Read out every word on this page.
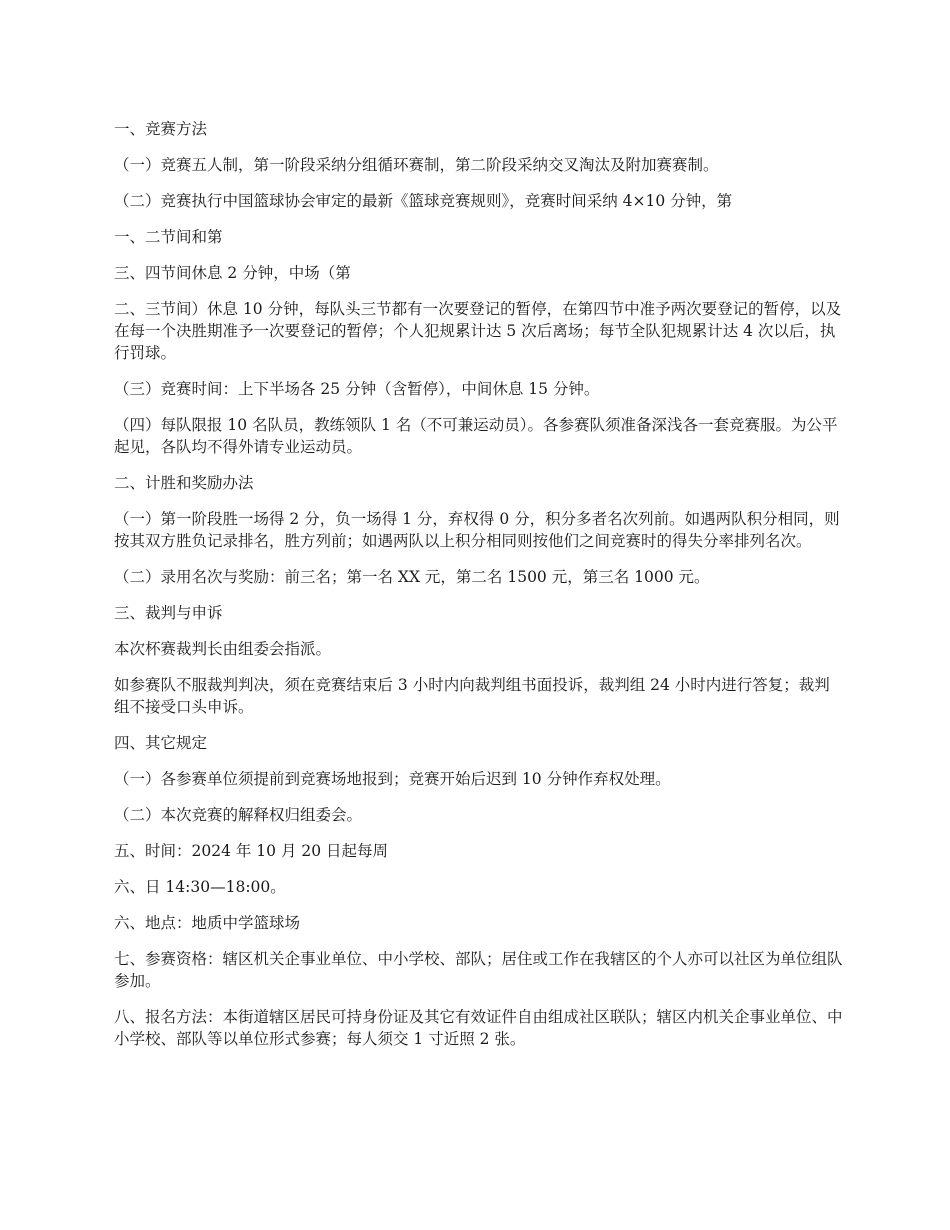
一、竞赛方法

（一）竞赛五人制，第一阶段采纳分组循环赛制，第二阶段采纳交叉淘汰及附加赛赛制。

（二）竞赛执行中国篮球协会审定的最新《篮球竞赛规则》，竞赛时间采纳 4×10 分钟，第

一、二节间和第

三、四节间休息 2 分钟，中场（第

二、三节间）休息 10 分钟，每队头三节都有一次要登记的暂停，在第四节中准予两次要登记的暂停，以及在每一个决胜期准予一次要登记的暂停；个人犯规累计达 5 次后离场；每节全队犯规累计达 4 次以后，执行罚球。

（三）竞赛时间：上下半场各 25 分钟（含暂停），中间休息 15 分钟。

（四）每队限报 10 名队员，教练领队 1 名（不可兼运动员）。各参赛队须准备深浅各一套竞赛服。为公平起见，各队均不得外请专业运动员。

二、计胜和奖励办法

（一）第一阶段胜一场得 2 分，负一场得 1 分，弃权得 0 分，积分多者名次列前。如遇两队积分相同，则按其双方胜负记录排名，胜方列前；如遇两队以上积分相同则按他们之间竞赛时的得失分率排列名次。

（二）录用名次与奖励：前三名；第一名 XX 元，第二名 1500 元，第三名 1000 元。

三、裁判与申诉

本次杯赛裁判长由组委会指派。

如参赛队不服裁判判决，须在竞赛结束后 3 小时内向裁判组书面投诉，裁判组 24 小时内进行答复；裁判组不接受口头申诉。

四、其它规定

（一）各参赛单位须提前到竞赛场地报到；竞赛开始后迟到 10 分钟作弃权处理。

（二）本次竞赛的解释权归组委会。

五、时间：2024 年 10 月 20 日起每周

六、日 14:30—18:00。

六、地点：地质中学篮球场

七、参赛资格：辖区机关企事业单位、中小学校、部队；居住或工作在我辖区的个人亦可以社区为单位组队参加。

八、报名方法：本街道辖区居民可持身份证及其它有效证件自由组成社区联队；辖区内机关企事业单位、中小学校、部队等以单位形式参赛；每人须交 1 寸近照 2 张。
